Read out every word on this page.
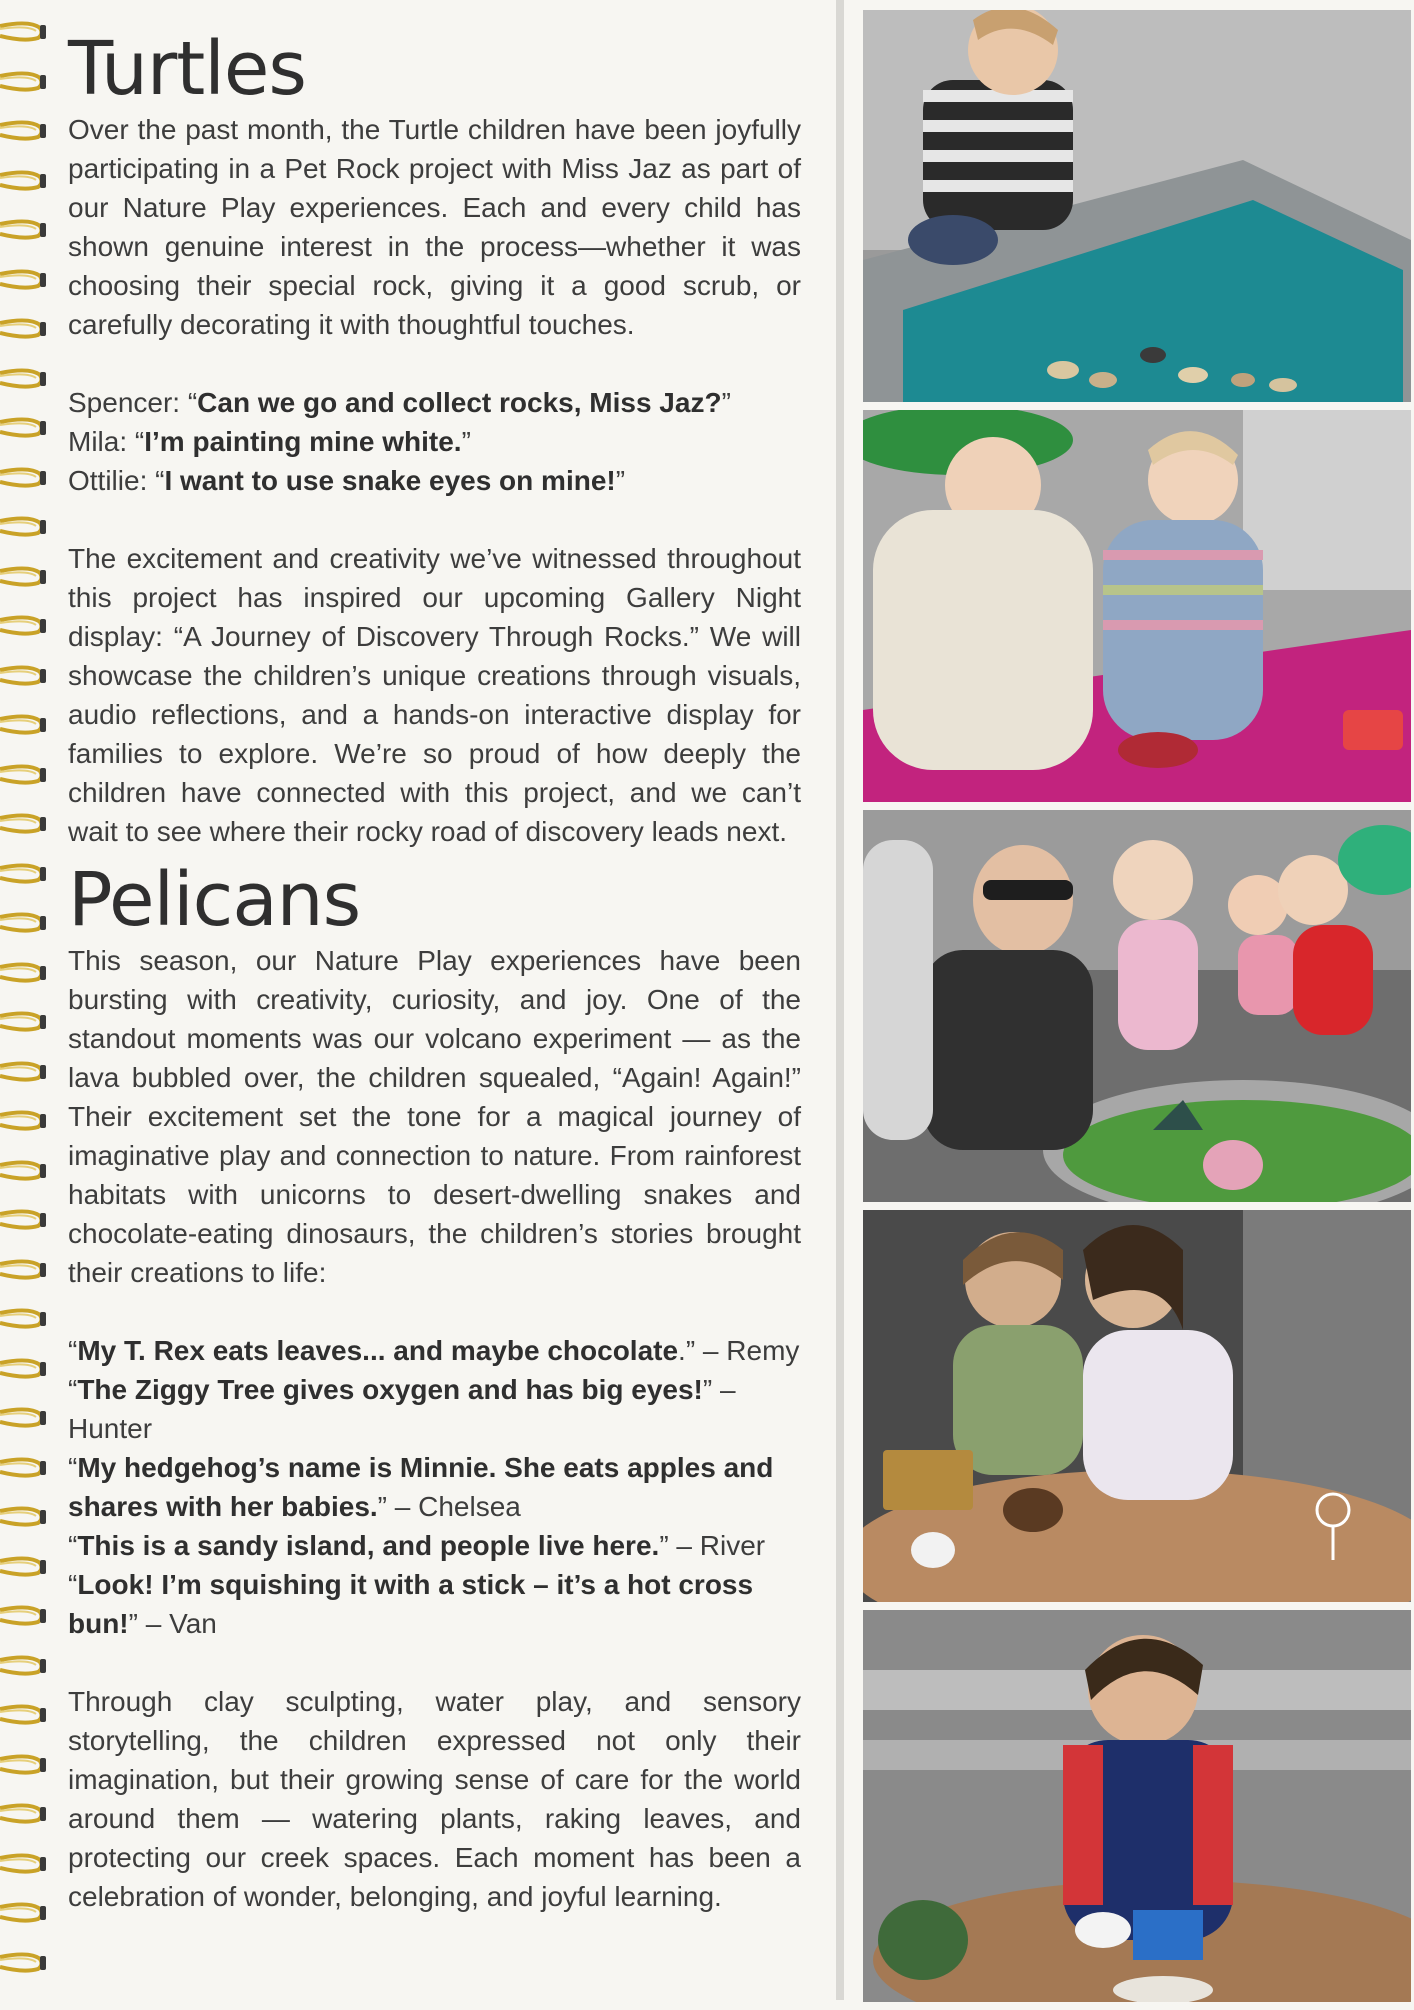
Turtles

Over the past month, the Turtle children have been joyfully participating in a Pet Rock project with Miss Jaz as part of our Nature Play experiences. Each and every child has shown genuine interest in the process—whether it was choosing their special rock, giving it a good scrub, or carefully decorating it with thoughtful touches.

Spencer: “Can we go and collect rocks, Miss Jaz?”
Mila: “I’m painting mine white.”
Ottilie: “I want to use snake eyes on mine!”

The excitement and creativity we’ve witnessed throughout this project has inspired our upcoming Gallery Night display: “A Journey of Discovery Through Rocks.” We will showcase the children’s unique creations through visuals, audio reflections, and a hands-on interactive display for families to explore. We’re so proud of how deeply the children have connected with this project, and we can’t wait to see where their rocky road of discovery leads next.

Pelicans

This season, our Nature Play experiences have been bursting with creativity, curiosity, and joy. One of the standout moments was our volcano experiment — as the lava bubbled over, the children squealed, “Again! Again!” Their excitement set the tone for a magical journey of imaginative play and connection to nature. From rainforest habitats with unicorns to desert-dwelling snakes and chocolate-eating dinosaurs, the children’s stories brought their creations to life:

“My T. Rex eats leaves... and maybe chocolate.” – Remy
“The Ziggy Tree gives oxygen and has big eyes!” – Hunter
“My hedgehog’s name is Minnie. She eats apples and shares with her babies.” – Chelsea
“This is a sandy island, and people live here.” – River
“Look! I’m squishing it with a stick – it’s a hot cross bun!” – Van

Through clay sculpting, water play, and sensory storytelling, the children expressed not only their imagination, but their growing sense of care for the world around them — watering plants, raking leaves, and protecting our creek spaces. Each moment has been a celebration of wonder, belonging, and joyful learning.
